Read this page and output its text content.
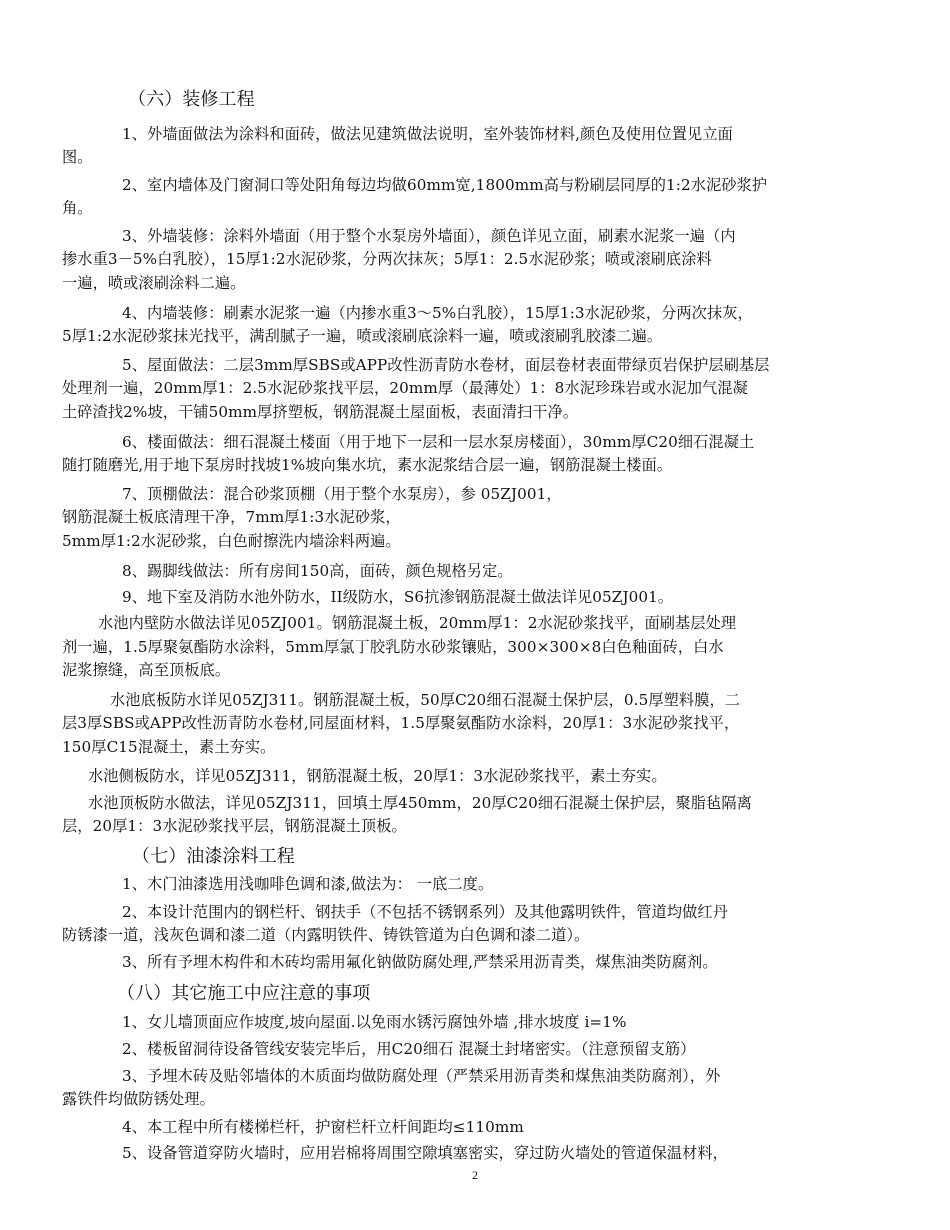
（六）装修工程
1、外墙面做法为涂料和面砖，做法见建筑做法说明，室外装饰材料,颜色及使用位置见立面
图。
2、室内墙体及门窗洞口等处阳角每边均做60mm宽,1800mm高与粉刷层同厚的1:2水泥砂浆护
角。
3、外墙装修：涂料外墙面（用于整个水泵房外墙面），颜色详见立面，刷素水泥浆一遍（内
掺水重3－5%白乳胶），15厚1:2水泥砂浆，分两次抹灰；5厚1：2.5水泥砂浆；喷或滚刷底涂料
一遍，喷或滚刷涂料二遍。
4、内墙装修：刷素水泥浆一遍（内掺水重3～5%白乳胶），15厚1:3水泥砂浆，分两次抹灰，
5厚1:2水泥砂浆抹光找平，满刮腻子一遍，喷或滚刷底涂料一遍，喷或滚刷乳胶漆二遍。
5、屋面做法：二层3mm厚SBS或APP改性沥青防水卷材，面层卷材表面带绿页岩保护层刷基层
处理剂一遍，20mm厚1：2.5水泥砂浆找平层，20mm厚（最薄处）1：8水泥珍珠岩或水泥加气混凝
土碎渣找2%坡，干铺50mm厚挤塑板，钢筋混凝土屋面板，表面清扫干净。
6、楼面做法：细石混凝土楼面（用于地下一层和一层水泵房楼面），30mm厚C20细石混凝土
随打随磨光,用于地下泵房时找坡1%坡向集水坑，素水泥浆结合层一遍，钢筋混凝土楼面。
7、顶棚做法：混合砂浆顶棚（用于整个水泵房），参 05ZJ001，
钢筋混凝土板底清理干净，7mm厚1:3水泥砂浆，
5mm厚1:2水泥砂浆，白色耐擦洗内墙涂料两遍。
8、踢脚线做法：所有房间150高，面砖，颜色规格另定。
9、地下室及消防水池外防水，II级防水，S6抗渗钢筋混凝土做法详见05ZJ001。
水池内壁防水做法详见05ZJ001。钢筋混凝土板，20mm厚1：2水泥砂浆找平，面刷基层处理
剂一遍，1.5厚聚氨酯防水涂料，5mm厚氯丁胶乳防水砂浆镶贴，300×300×8白色釉面砖，白水
泥浆擦缝，高至顶板底。
水池底板防水详见05ZJ311。钢筋混凝土板，50厚C20细石混凝土保护层，0.5厚塑料膜，二
层3厚SBS或APP改性沥青防水卷材,同屋面材料，1.5厚聚氨酯防水涂料，20厚1：3水泥砂浆找平，
150厚C15混凝土，素土夯实。
水池侧板防水，详见05ZJ311，钢筋混凝土板，20厚1：3水泥砂浆找平，素土夯实。
水池顶板防水做法，详见05ZJ311，回填土厚450mm，20厚C20细石混凝土保护层，聚脂毡隔离
层，20厚1：3水泥砂浆找平层，钢筋混凝土顶板。
（七）油漆涂料工程
1、木门油漆选用浅咖啡色调和漆,做法为： 一底二度。
2、本设计范围内的钢栏杆、钢扶手（不包括不锈钢系列）及其他露明铁件，管道均做红丹
防锈漆一道，浅灰色调和漆二道（内露明铁件、铸铁管道为白色调和漆二道）。
3、所有予埋木构件和木砖均需用氟化钠做防腐处理,严禁采用沥青类，煤焦油类防腐剂。
（八）其它施工中应注意的事项
1、女儿墙顶面应作坡度,坡向屋面.以免雨水锈污腐蚀外墙 ,排水坡度 i=1%
2、楼板留洞待设备管线安装完毕后，用C20细石 混凝土封堵密实。（注意预留支筋）
3、予埋木砖及贴邻墙体的木质面均做防腐处理（严禁采用沥青类和煤焦油类防腐剂），外
露铁件均做防锈处理。
4、本工程中所有楼梯栏杆，护窗栏杆立杆间距均≤110mm
5、设备管道穿防火墙时，应用岩棉将周围空隙填塞密实，穿过防火墙处的管道保温材料，
2
